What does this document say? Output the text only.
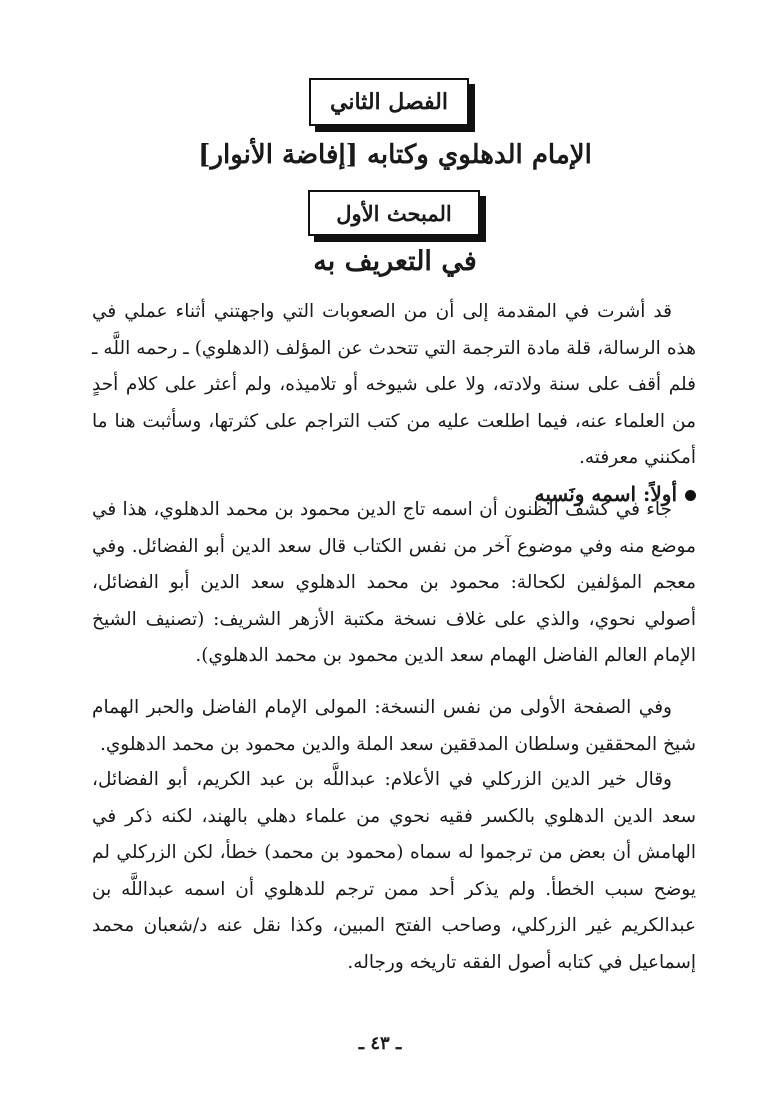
الفصل الثاني
الإمام الدهلوي وكتابه [إفاضة الأنوار]
المبحث الأول
في التعريف به
قد أشرت في المقدمة إلى أن من الصعوبات التي واجهتني أثناء عملي في هذه الرسالة، قلة مادة الترجمة التي تتحدث عن المؤلف (الدهلوي) ـ رحمه اللَّه ـ فلم أقف على سنة ولادته، ولا على شيوخه أو تلاميذه، ولم أعثر على كلام أحدٍ من العلماء عنه، فيما اطلعت عليه من كتب التراجم على كثرتها، وسأثبت هنا ما أمكنني معرفته.
أولاً: اسمه ونَسبه
جاء في كشف الظنون أن اسمه تاج الدين محمود بن محمد الدهلوي، هذا في موضع منه وفي موضوع آخر من نفس الكتاب قال سعد الدين أبو الفضائل. وفي معجم المؤلفين لكحالة: محمود بن محمد الدهلوي سعد الدين أبو الفضائل، أصولي نحوي، والذي على غلاف نسخة مكتبة الأزهر الشريف: (تصنيف الشيخ الإمام العالم الفاضل الهمام سعد الدين محمود بن محمد الدهلوي).
وفي الصفحة الأولى من نفس النسخة: المولى الإمام الفاضل والحبر الهمام شيخ المحققين وسلطان المدققين سعد الملة والدين محمود بن محمد الدهلوي.
وقال خير الدين الزركلي في الأعلام: عبداللَّه بن عبد الكريم، أبو الفضائل، سعد الدين الدهلوي بالكسر فقيه نحوي من علماء دهلي بالهند، لكنه ذكر في الهامش أن بعض من ترجموا له سماه (محمود بن محمد) خطأ، لكن الزركلي لم يوضح سبب الخطأ. ولم يذكر أحد ممن ترجم للدهلوي أن اسمه عبداللَّه بن عبدالكريم غير الزركلي، وصاحب الفتح المبين، وكذا نقل عنه د/شعبان محمد إسماعيل في كتابه أصول الفقه تاريخه ورجاله.
ـ ٤٣ ـ
